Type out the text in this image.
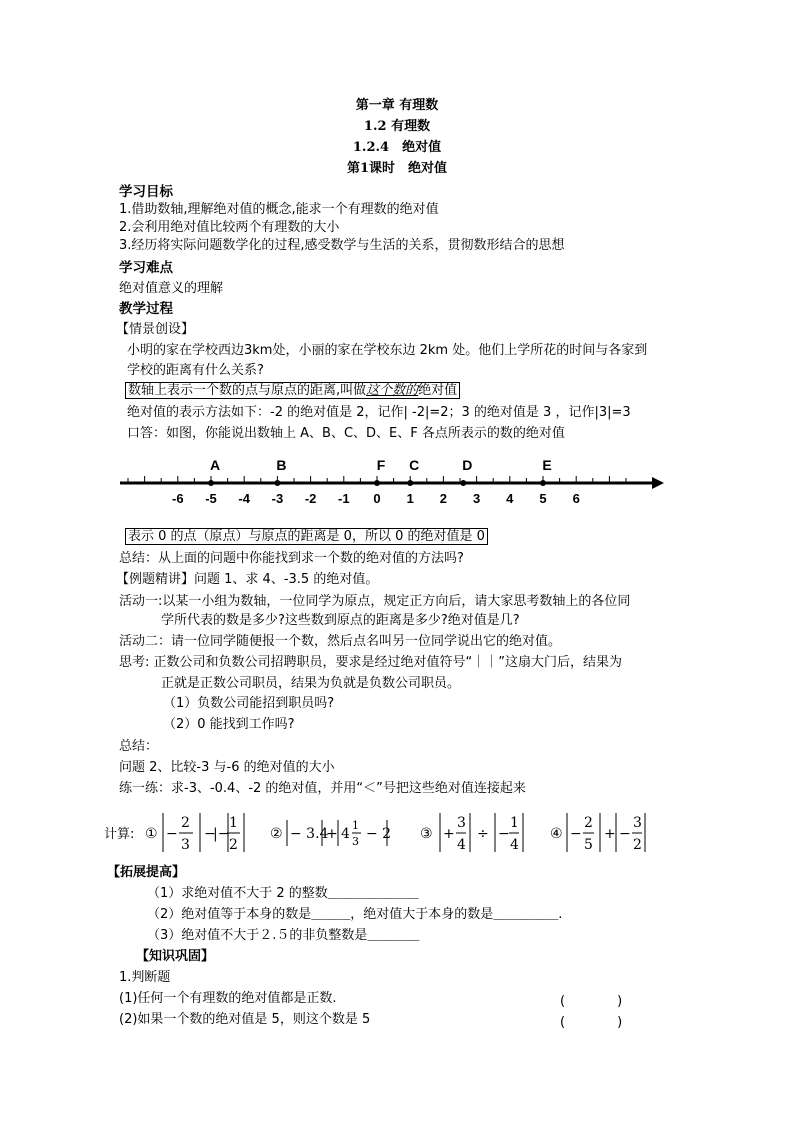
第一章 有理数
1.2 有理数
1.2.4　绝对值
第1课时　绝对值
学习目标
1.借助数轴,理解绝对值的概念,能求一个有理数的绝对值
2.会利用绝对值比较两个有理数的大小
3.经历将实际问题数学化的过程,感受数学与生活的关系，贯彻数形结合的思想
学习难点
绝对值意义的理解
教学过程
【情景创设】
小明的家在学校西边3km处，小丽的家在学校东边 2km 处。他们上学所花的时间与各家到
学校的距离有什么关系?
数轴上表示一个数的点与原点的距离,叫做这个数的绝对值
绝对值的表示方法如下：-2 的绝对值是 2，记作| -2|=2；3 的绝对值是 3 ，记作|3|=3
口答：如图，你能说出数轴上 A、B、C、D、E、F 各点所表示的数的绝对值
-6 -5 -4 -3 -2 -1 0 1 2 3 4 5 6
A	B	F C	D	E
表示 0 的点（原点）与原点的距离是 0，所以 0 的绝对值是 0
总结：从上面的问题中你能找到求一个数的绝对值的方法吗?
【例题精讲】问题 1、求 4、-3.5 的绝对值。
活动一:以某一小组为数轴，一位同学为原点，规定正方向后，请大家思考数轴上的各位同
学所代表的数是多少?这些数到原点的距离是多少?绝对值是几?
活动二：请一位同学随便报一个数，然后点名叫另一位同学说出它的绝对值。
思考: 正数公司和负数公司招聘职员，要求是经过绝对值符号“｜｜”这扇大门后，结果为
正就是正数公司职员，结果为负就是负数公司职员。
（1）负数公司能招到职员吗?
（2）0 能找到工作吗?
总结：
问题 2、比较-3 与-6 的绝对值的大小
练一练：求-3、-0.4、-2 的绝对值，并用“＜”号把这些绝对值连接起来
计算: ① −
2
3
−
|−
1
2
② − 3.4
+ 4
1
3 − 2 ③ +
3
4
÷ −
1
4
④ −
2
5
+ −
3
2
【拓展提高】
（1）求绝对值不大于 2 的整数＿＿＿＿＿＿＿
（2）绝对值等于本身的数是＿＿＿，绝对值大于本身的数是＿＿＿＿＿.
（3）绝对值不大于２.５的非负整数是＿＿＿＿
【知识巩固】
1.判断题
(1)任何一个有理数的绝对值都是正数.	(　　　　)
(2)如果一个数的绝对值是 5，则这个数是 5	(　　　　)
